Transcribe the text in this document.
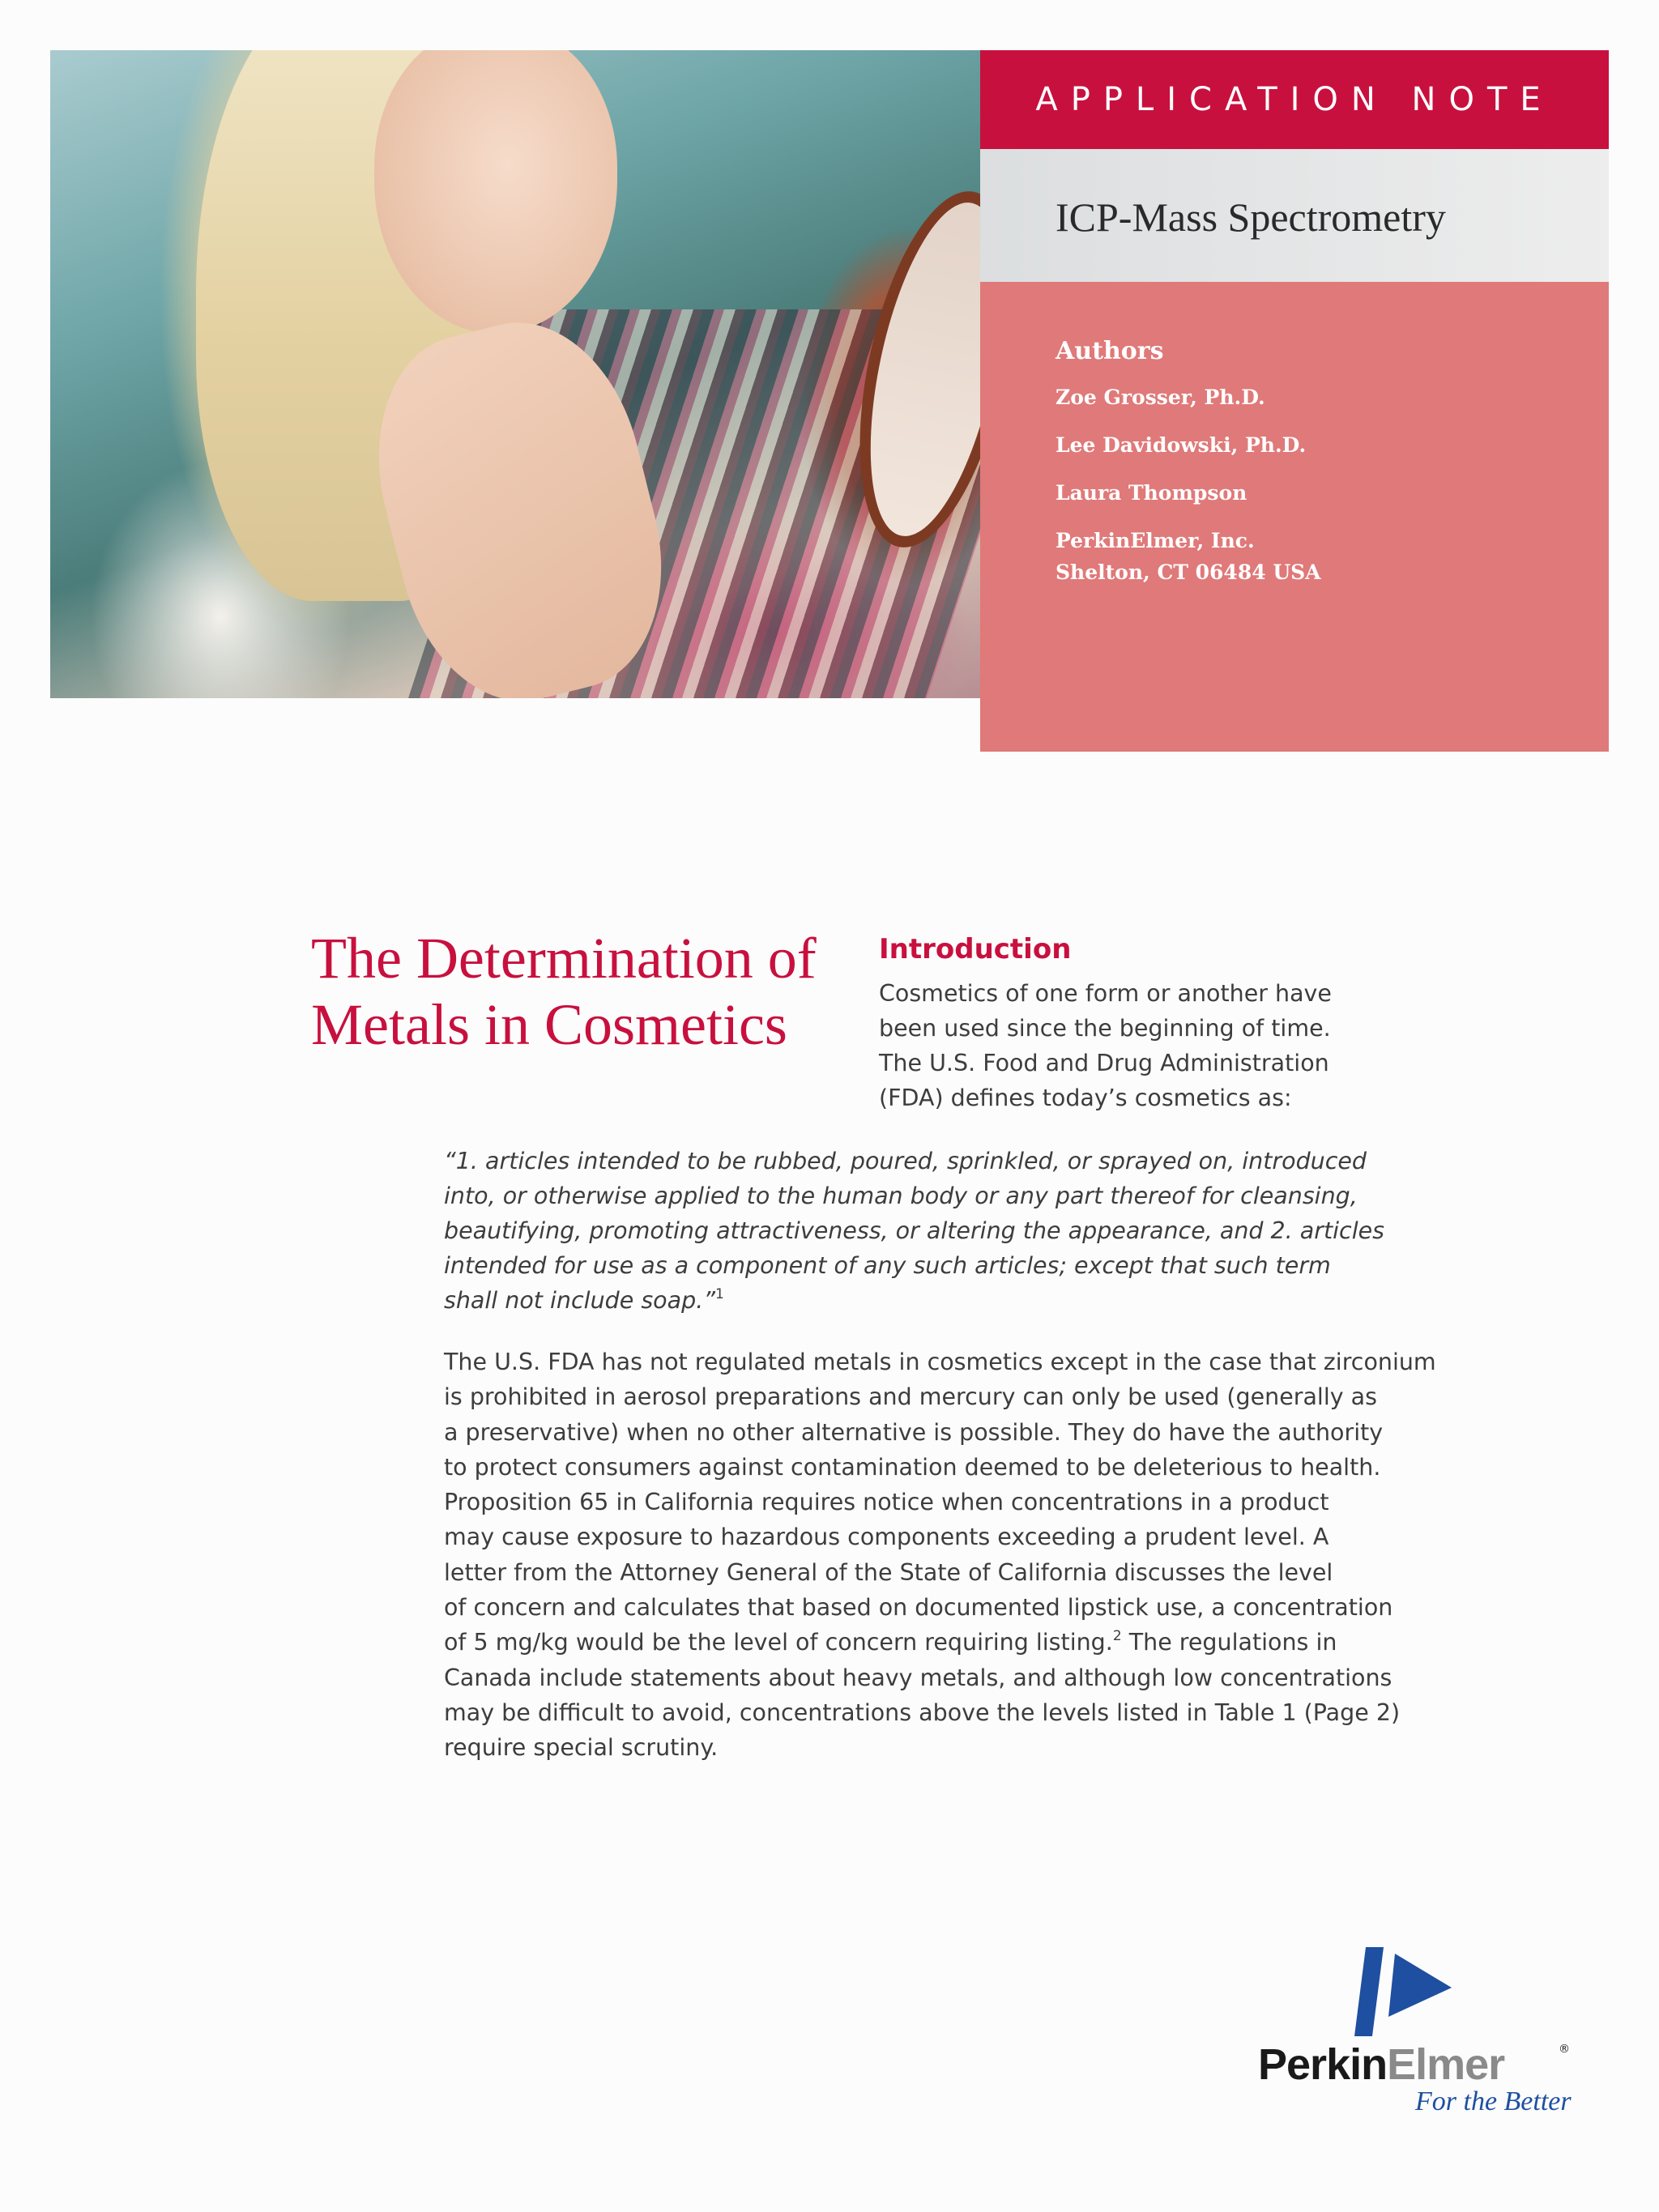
APPLICATION NOTE
ICP-Mass Spectrometry
Authors
Zoe Grosser, Ph.D.
Lee Davidowski, Ph.D.
Laura Thompson
PerkinElmer, Inc.
Shelton, CT 06484 USA
The Determination of
Metals in Cosmetics
Introduction
Cosmetics of one form or another have
been used since the beginning of time.
The U.S. Food and Drug Administration
(FDA) defines today’s cosmetics as:
“1. articles intended to be rubbed, poured, sprinkled, or sprayed on, introduced
into, or otherwise applied to the human body or any part thereof for cleansing,
beautifying, promoting attractiveness, or altering the appearance, and 2. articles
intended for use as a component of any such articles; except that such term
shall not include soap.”$^1$
The U.S. FDA has not regulated metals in cosmetics except in the case that zirconium
is prohibited in aerosol preparations and mercury can only be used (generally as
a preservative) when no other alternative is possible. They do have the authority
to protect consumers against contamination deemed to be deleterious to health.
Proposition 65 in California requires notice when concentrations in a product
may cause exposure to hazardous components exceeding a prudent level. A
letter from the Attorney General of the State of California discusses the level
of concern and calculates that based on documented lipstick use, a concentration
of 5 mg/kg would be the level of concern requiring listing.$^2$ The regulations in
Canada include statements about heavy metals, and although low concentrations
may be difficult to avoid, concentrations above the levels listed in Table 1 (Page 2)
require special scrutiny.
PerkinElmer	®
For the Better
